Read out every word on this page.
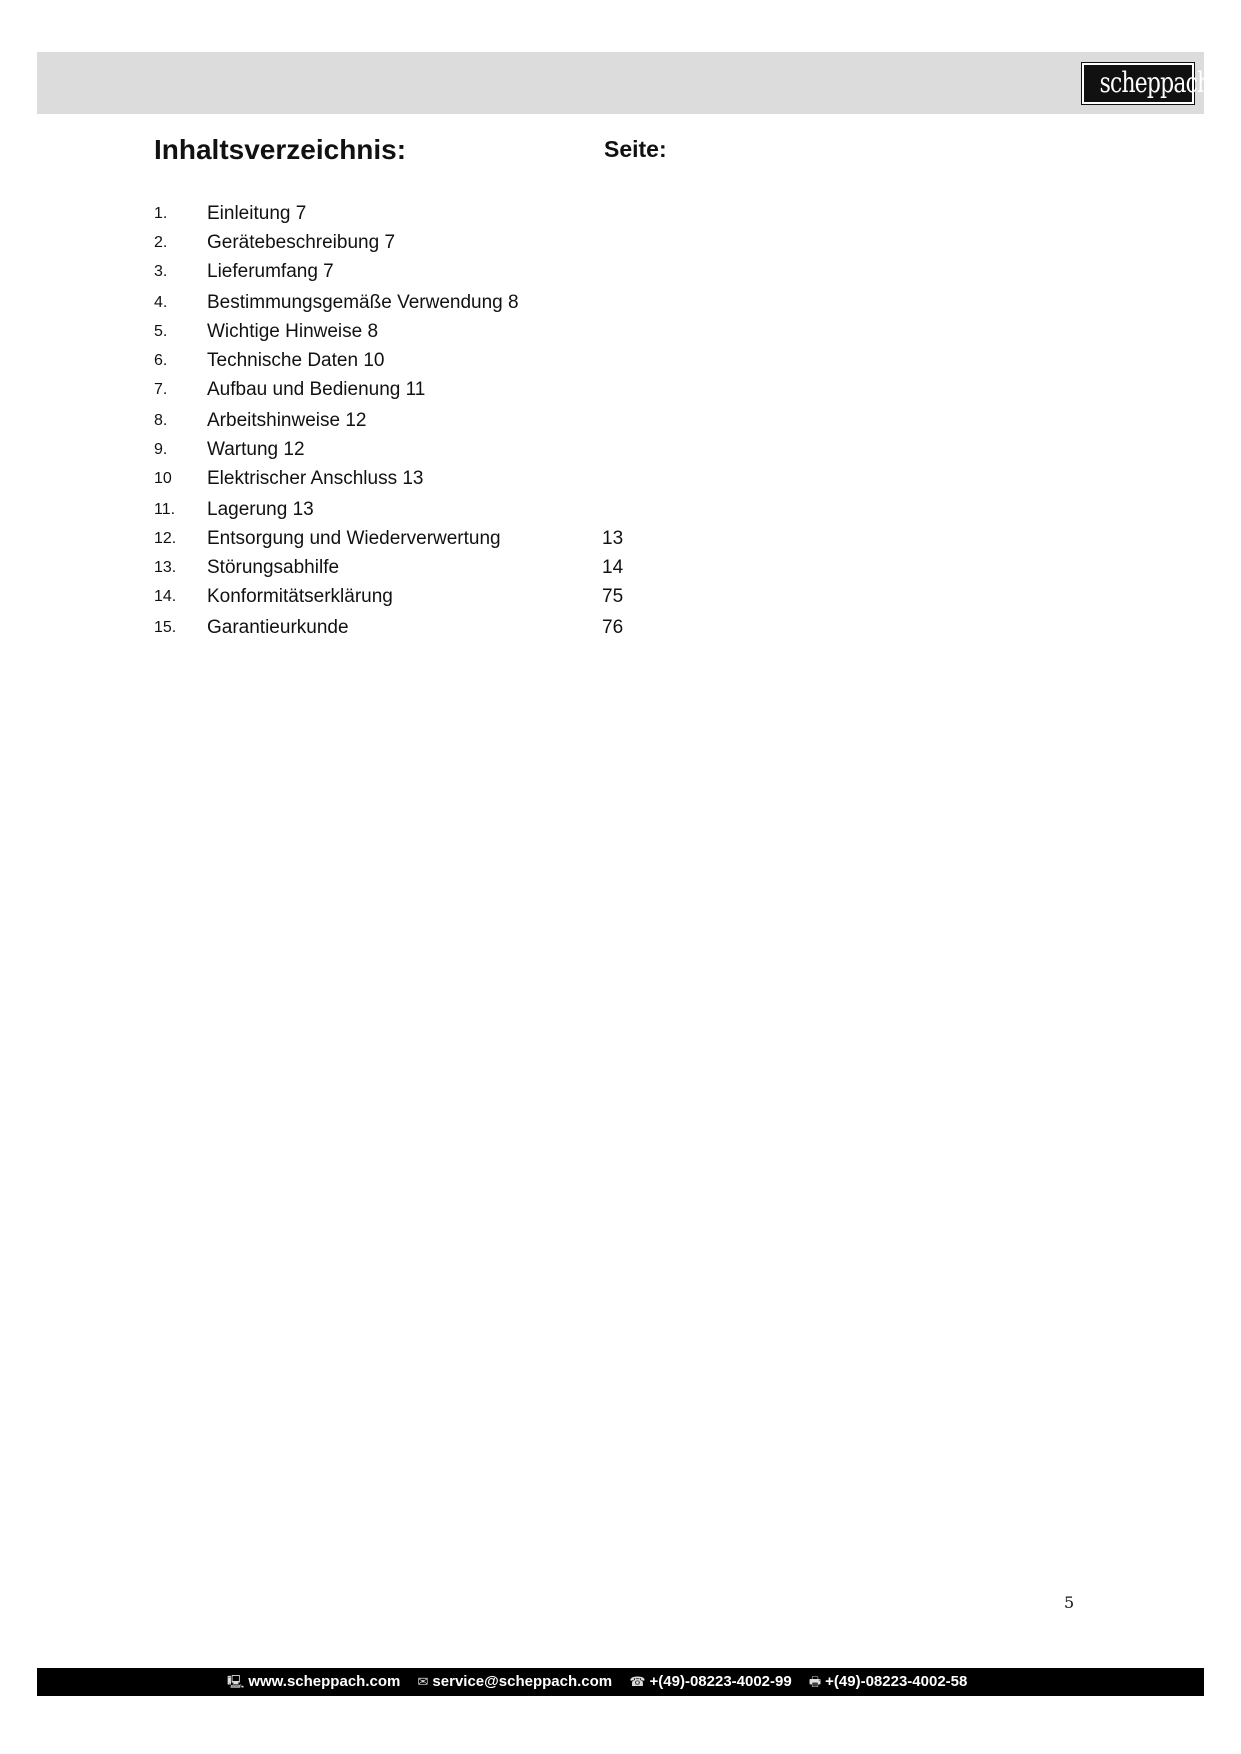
scheppach
Inhaltsverzeichnis:	Seite:
1. Einleitung 7
2. Gerätebeschreibung 7
3. Lieferumfang 7
4. Bestimmungsgemäße Verwendung 8
5. Wichtige Hinweise 8
6. Technische Daten 10
7. Aufbau und Bedienung 11
8. Arbeitshinweise 12
9. Wartung 12
10 Elektrischer Anschluss 13
11. Lagerung 13
12. Entsorgung und Wiederverwertung	13
13. Störungsabhilfe	14
14. Konformitätserklärung	75
15. Garantieurkunde	76
5
🖳 www.scheppach.com ✉ service@scheppach.com ☎ +(49)-08223-4002-99 🖶 +(49)-08223-4002-58
